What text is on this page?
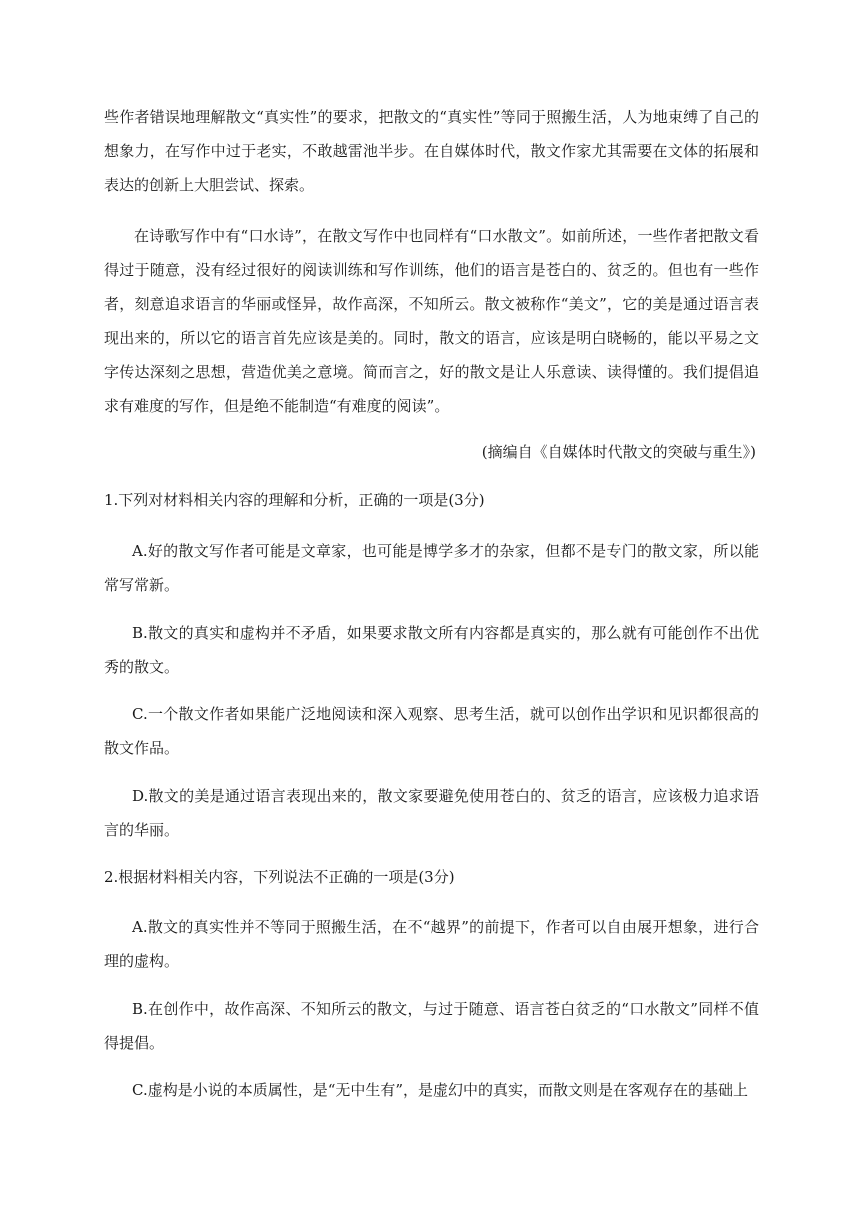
些作者错误地理解散文“真实性”的要求，把散文的“真实性”等同于照搬生活，人为地束缚了自己的想象力，在写作中过于老实，不敢越雷池半步。在自媒体时代，散文作家尤其需要在文体的拓展和表达的创新上大胆尝试、探索。

在诗歌写作中有“口水诗”，在散文写作中也同样有“口水散文”。如前所述，一些作者把散文看得过于随意，没有经过很好的阅读训练和写作训练，他们的语言是苍白的、贫乏的。但也有一些作者，刻意追求语言的华丽或怪异，故作高深，不知所云。散文被称作“美文”，它的美是通过语言表现出来的，所以它的语言首先应该是美的。同时，散文的语言，应该是明白晓畅的，能以平易之文字传达深刻之思想，营造优美之意境。简而言之，好的散文是让人乐意读、读得懂的。我们提倡追求有难度的写作，但是绝不能制造“有难度的阅读”。

(摘编自《自媒体时代散文的突破与重生》)

1.下列对材料相关内容的理解和分析，正确的一项是(3分)

A.好的散文写作者可能是文章家，也可能是博学多才的杂家，但都不是专门的散文家，所以能常写常新。

B.散文的真实和虚构并不矛盾，如果要求散文所有内容都是真实的，那么就有可能创作不出优秀的散文。

C.一个散文作者如果能广泛地阅读和深入观察、思考生活，就可以创作出学识和见识都很高的散文作品。

D.散文的美是通过语言表现出来的，散文家要避免使用苍白的、贫乏的语言，应该极力追求语言的华丽。

2.根据材料相关内容，下列说法不正确的一项是(3分)

A.散文的真实性并不等同于照搬生活，在不“越界”的前提下，作者可以自由展开想象，进行合理的虚构。

B.在创作中，故作高深、不知所云的散文，与过于随意、语言苍白贫乏的“口水散文”同样不值得提倡。

C.虚构是小说的本质属性，是“无中生有”，是虚幻中的真实，而散文则是在客观存在的基础上
